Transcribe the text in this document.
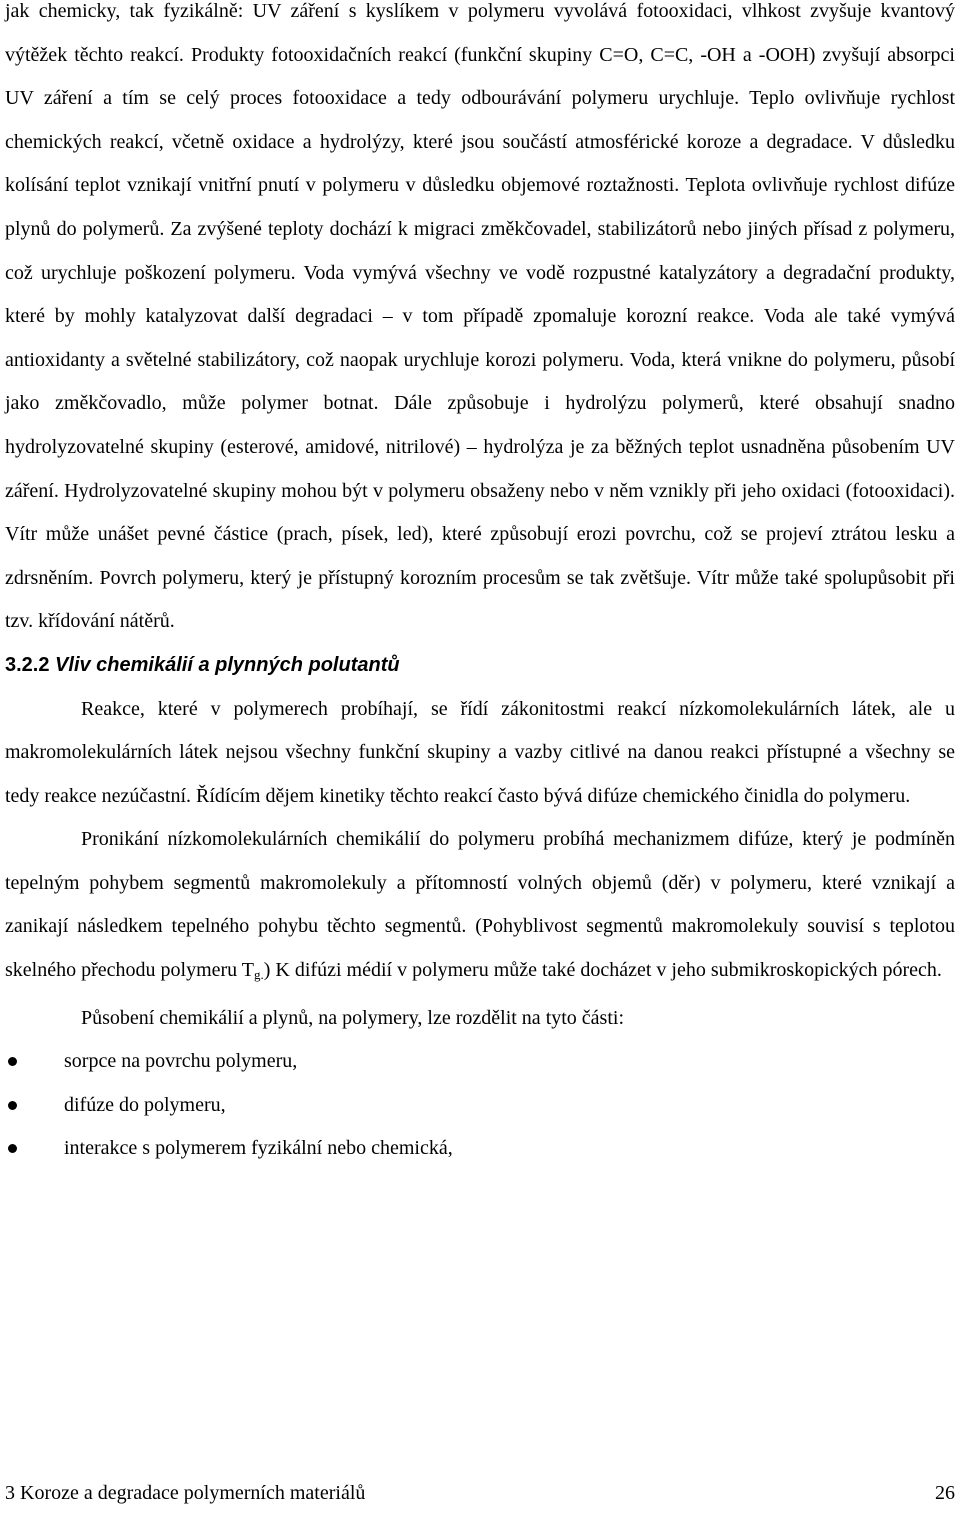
jak chemicky, tak fyzikálně: UV záření s kyslíkem v polymeru vyvolává fotooxidaci, vlhkost zvyšuje kvantový výtěžek těchto reakcí. Produkty fotooxidačních reakcí (funkční skupiny C=O, C=C, -OH a -OOH) zvyšují absorpci UV záření a tím se celý proces fotooxidace a tedy odbourávání polymeru urychluje. Teplo ovlivňuje rychlost chemických reakcí, včetně oxidace a hydrolýzy, které jsou součástí atmosférické koroze a degradace. V důsledku kolísání teplot vznikají vnitřní pnutí v polymeru v důsledku objemové roztažnosti. Teplota ovlivňuje rychlost difúze plynů do polymerů. Za zvýšené teploty dochází k migraci změkčovadel, stabilizátorů nebo jiných přísad z polymeru, což urychluje poškození polymeru. Voda vymývá všechny ve vodě rozpustné katalyzátory a degradační produkty, které by mohly katalyzovat další degradaci – v tom případě zpomaluje korozní reakce. Voda ale také vymývá antioxidanty a světelné stabilizátory, což naopak urychluje korozi polymeru. Voda, která vnikne do polymeru, působí jako změkčovadlo, může polymer botnat. Dále způsobuje i hydrolýzu polymerů, které obsahují snadno hydrolyzovatelné skupiny (esterové, amidové, nitrilové) – hydrolýza je za běžných teplot usnadněna působením UV záření. Hydrolyzovatelné skupiny mohou být v polymeru obsaženy nebo v něm vznikly při jeho oxidaci (fotooxidaci). Vítr může unášet pevné částice (prach, písek, led), které způsobují erozi povrchu, což se projeví ztrátou lesku a zdrsněním. Povrch polymeru, který je přístupný korozním procesům se tak zvětšuje. Vítr může také spolupůsobit při tzv. křídování nátěrů.

3.2.2 Vliv chemikálií a plynných polutantů

Reakce, které v polymerech probíhají, se řídí zákonitostmi reakcí nízkomolekulárních látek, ale u makromolekulárních látek nejsou všechny funkční skupiny a vazby citlivé na danou reakci přístupné a všechny se tedy reakce nezúčastní. Řídícím dějem kinetiky těchto reakcí často bývá difúze chemického činidla do polymeru.

Pronikání nízkomolekulárních chemikálií do polymeru probíhá mechanizmem difúze, který je podmíněn tepelným pohybem segmentů makromolekuly a přítomností volných objemů (děr) v polymeru, které vznikají a zanikají následkem tepelného pohybu těchto segmentů. (Pohyblivost segmentů makromolekuly souvisí s teplotou skelného přechodu polymeru $T_{g.}$) K difúzi médií v polymeru může také docházet v jeho submikroskopických pórech.

Působení chemikálií a plynů, na polymery, lze rozdělit na tyto části:

sorpce na povrchu polymeru,
difúze do polymeru,
interakce s polymerem fyzikální nebo chemická,
3 Koroze a degradace polymerních materiálů	26
